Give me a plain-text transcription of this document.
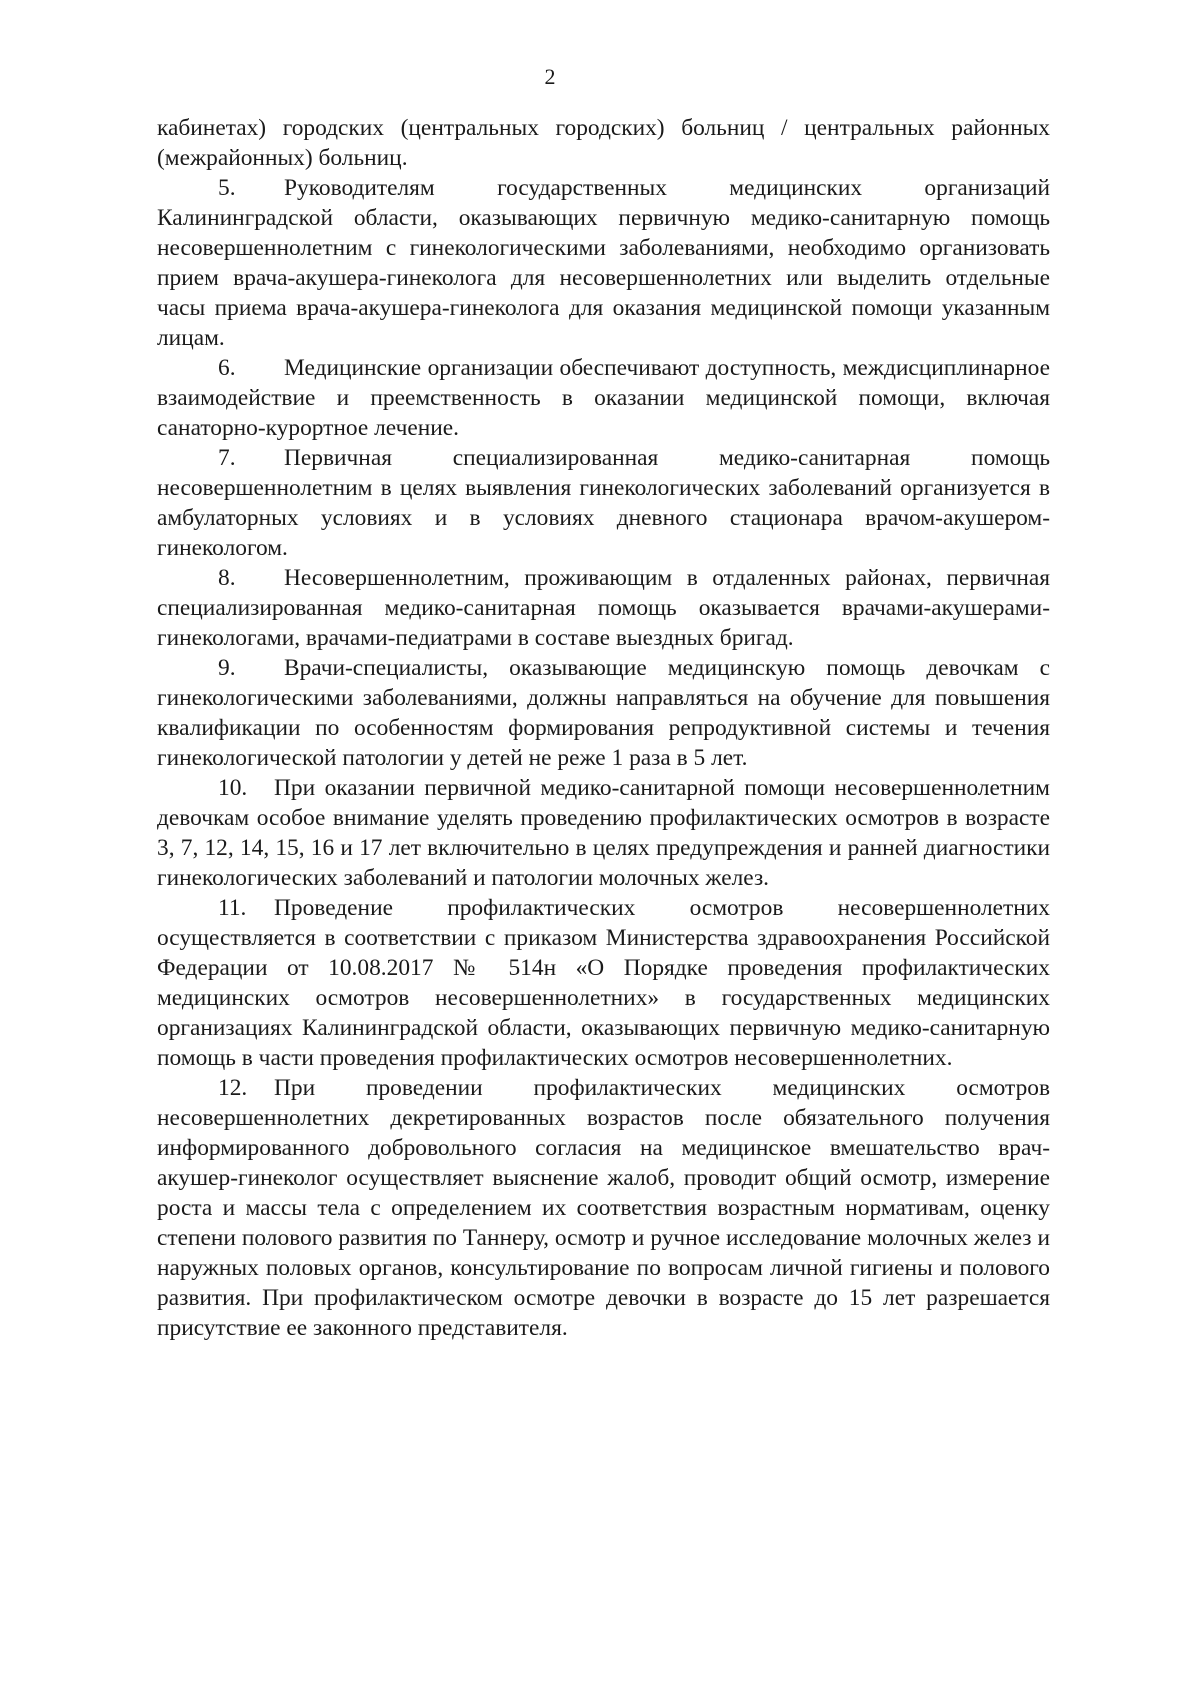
2

кабинетах) городских (центральных городских) больниц / центральных районных (межрайонных) больниц.

5. Руководителям государственных медицинских организаций Калининградской области, оказывающих первичную медико-санитарную помощь несовершеннолетним с гинекологическими заболеваниями, необходимо организовать прием врача-акушера-гинеколога для несовершеннолетних или выделить отдельные часы приема врача-акушера-гинеколога для оказания медицинской помощи указанным лицам.

6. Медицинские организации обеспечивают доступность, междисциплинарное взаимодействие и преемственность в оказании медицинской помощи, включая санаторно-курортное лечение.

7. Первичная специализированная медико-санитарная помощь несовершеннолетним в целях выявления гинекологических заболеваний организуется в амбулаторных условиях и в условиях дневного стационара врачом-акушером-гинекологом.

8. Несовершеннолетним, проживающим в отдаленных районах, первичная специализированная медико-санитарная помощь оказывается врачами-акушерами-гинекологами, врачами-педиатрами в составе выездных бригад.

9. Врачи-специалисты, оказывающие медицинскую помощь девочкам с гинекологическими заболеваниями, должны направляться на обучение для повышения квалификации по особенностям формирования репродуктивной системы и течения гинекологической патологии у детей не реже 1 раза в 5 лет.

10. При оказании первичной медико-санитарной помощи несовершеннолетним девочкам особое внимание уделять проведению профилактических осмотров в возрасте 3, 7, 12, 14, 15, 16 и 17 лет включительно в целях предупреждения и ранней диагностики гинекологических заболеваний и патологии молочных желез.

11. Проведение профилактических осмотров несовершеннолетних осуществляется в соответствии с приказом Министерства здравоохранения Российской Федерации от 10.08.2017 № 514н «О Порядке проведения профилактических медицинских осмотров несовершеннолетних» в государственных медицинских организациях Калининградской области, оказывающих первичную медико-санитарную помощь в части проведения профилактических осмотров несовершеннолетних.

12. При проведении профилактических медицинских осмотров несовершеннолетних декретированных возрастов после обязательного получения информированного добровольного согласия на медицинское вмешательство врач-акушер-гинеколог осуществляет выяснение жалоб, проводит общий осмотр, измерение роста и массы тела с определением их соответствия возрастным нормативам, оценку степени полового развития по Таннеру, осмотр и ручное исследование молочных желез и наружных половых органов, консультирование по вопросам личной гигиены и полового развития. При профилактическом осмотре девочки в возрасте до 15 лет разрешается присутствие ее законного представителя.
